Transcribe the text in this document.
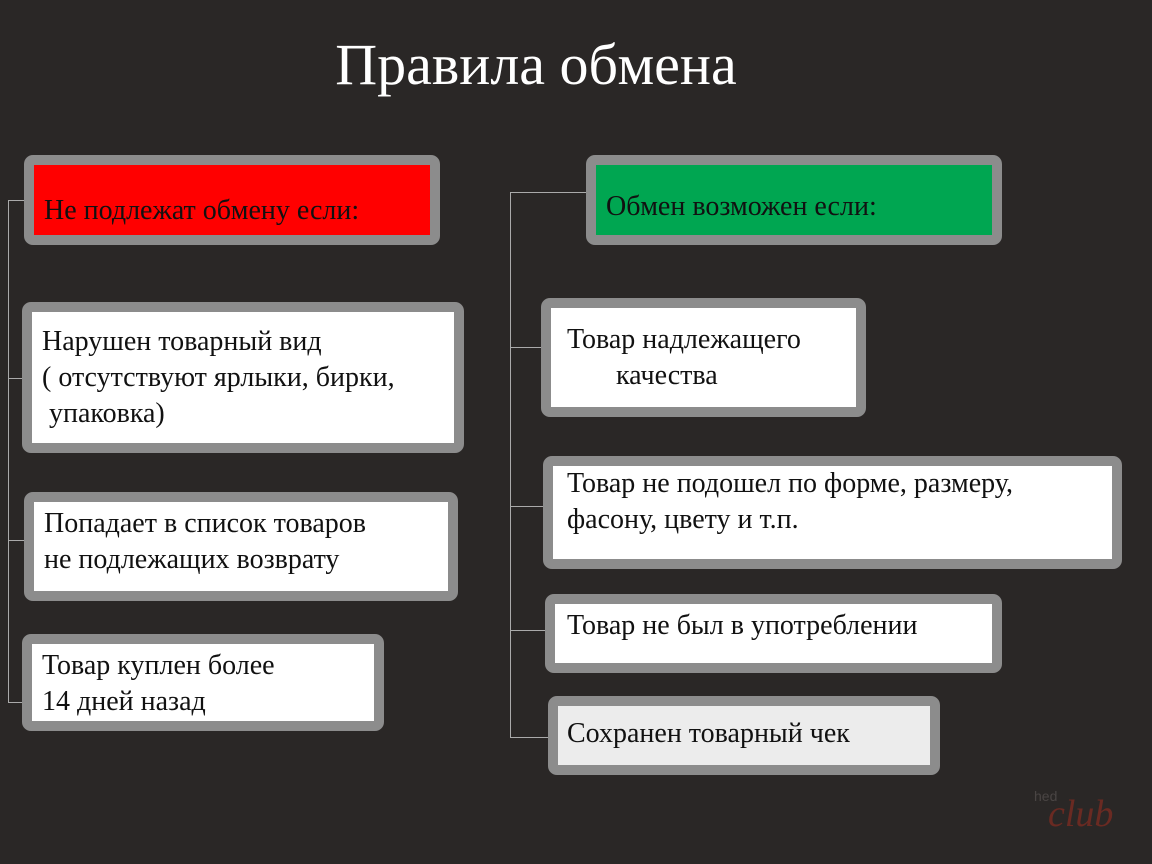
Правила обмена
Не подлежат обмену если:
Нарушен товарный вид
( отсутствуют ярлыки, бирки,
упаковка)
Попадает в список товаров
не подлежащих возврату
Товар куплен более
14 дней назад
Обмен возможен если:
Товар надлежащего
качества
Товар не подошел по форме, размеру,
фасону, цвету и т.п.
Товар не был в употреблении
Сохранен товарный чек
hed
club
